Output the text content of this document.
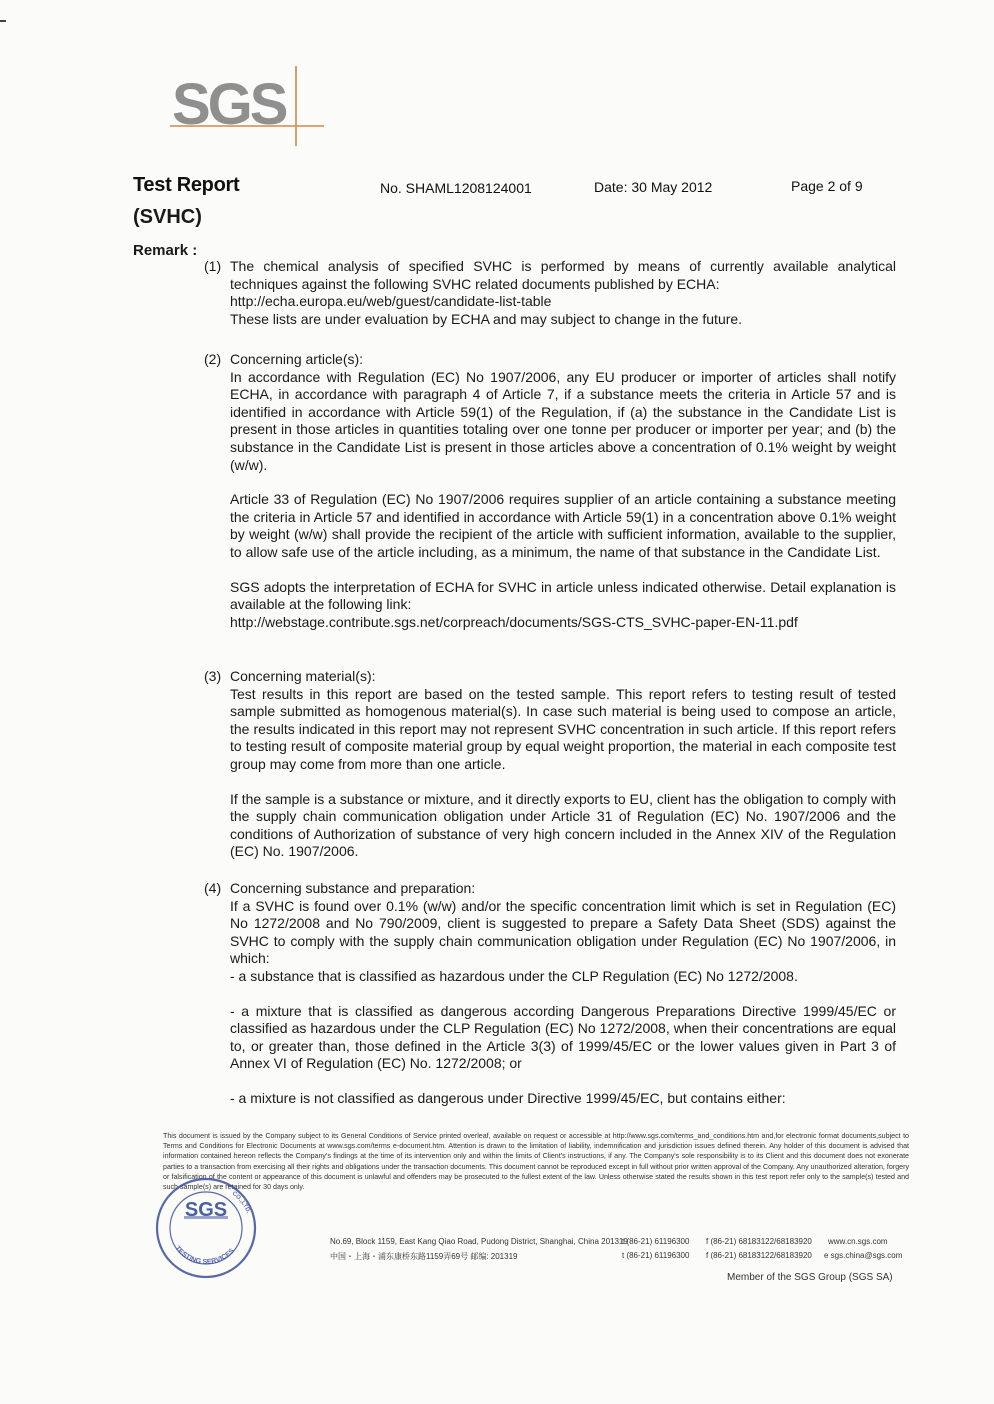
SGS
Test Report
(SVHC)
No. SHAML1208124001	Date: 30 May 2012	Page 2 of 9
Remark :
(1) The chemical analysis of specified SVHC is performed by means of currently available analytical techniques against the following SVHC related documents published by ECHA:

http://echa.europa.eu/web/guest/candidate-list-table

These lists are under evaluation by ECHA and may subject to change in the future.

(2) Concerning article(s):

In accordance with Regulation (EC) No 1907/2006, any EU producer or importer of articles shall notify ECHA, in accordance with paragraph 4 of Article 7, if a substance meets the criteria in Article 57 and is identified in accordance with Article 59(1) of the Regulation, if (a) the substance in the Candidate List is present in those articles in quantities totaling over one tonne per producer or importer per year; and (b) the substance in the Candidate List is present in those articles above a concentration of 0.1% weight by weight (w/w).

Article 33 of Regulation (EC) No 1907/2006 requires supplier of an article containing a substance meeting the criteria in Article 57 and identified in accordance with Article 59(1) in a concentration above 0.1% weight by weight (w/w) shall provide the recipient of the article with sufficient information, available to the supplier, to allow safe use of the article including, as a minimum, the name of that substance in the Candidate List.

SGS adopts the interpretation of ECHA for SVHC in article unless indicated otherwise. Detail explanation is available at the following link:

http://webstage.contribute.sgs.net/corpreach/documents/SGS-CTS_SVHC-paper-EN-11.pdf

(3) Concerning material(s):

Test results in this report are based on the tested sample. This report refers to testing result of tested sample submitted as homogenous material(s). In case such material is being used to compose an article, the results indicated in this report may not represent SVHC concentration in such article. If this report refers to testing result of composite material group by equal weight proportion, the material in each composite test group may come from more than one article.

If the sample is a substance or mixture, and it directly exports to EU, client has the obligation to comply with the supply chain communication obligation under Article 31 of Regulation (EC) No. 1907/2006 and the conditions of Authorization of substance of very high concern included in the Annex XIV of the Regulation (EC) No. 1907/2006.

(4) Concerning substance and preparation:

If a SVHC is found over 0.1% (w/w) and/or the specific concentration limit which is set in Regulation (EC) No 1272/2008 and No 790/2009, client is suggested to prepare a Safety Data Sheet (SDS) against the SVHC to comply with the supply chain communication obligation under Regulation (EC) No 1907/2006, in which:

- a substance that is classified as hazardous under the CLP Regulation (EC) No 1272/2008.

- a mixture that is classified as dangerous according Dangerous Preparations Directive 1999/45/EC or classified as hazardous under the CLP Regulation (EC) No 1272/2008, when their concentrations are equal to, or greater than, those defined in the Article 3(3) of 1999/45/EC or the lower values given in Part 3 of Annex VI of Regulation (EC) No. 1272/2008; or

- a mixture is not classified as dangerous under Directive 1999/45/EC, but contains either:

This document is issued by the Company subject to its General Conditions of Service printed overleaf, available on request or accessible at http://www.sgs.com/terms_and_conditions.htm and,for electronic format documents,subject to Terms and Conditions for Electronic Documents at www.sgs.com/terms e-document.htm. Attention is drawn to the limitation of liability, indemnification and jurisdiction issues defined therein. Any holder of this document is advised that information contained hereon reflects the Company's findings at the time of its intervention only and within the limits of Client's instructions, if any. The Company's sole responsibility is to its Client and this document does not exonerate parties to a transaction from exercising all their rights and obligations under the transaction documents. This document cannot be reproduced except in full without prior written approval of the Company. Any unauthorized alteration, forgery or falsification of the content or appearance of this document is unlawful and offenders may be prosecuted to the fullest extent of the law. Unless otherwise stated the results shown in this test report refer only to the sample(s) tested and such sample(s) are retained for 30 days only.

SGS
TESTING SERVICES
CO.,LTD.
No.69, Block 1159, East Kang Qiao Road, Pudong District, Shanghai, China 201319
t (86-21) 61196300 f (86-21) 68183122/68183920 www.cn.sgs.com
中国・上海・浦东康桥东路1159弄69号 邮编: 201319	t (86-21) 61196300 f (86-21) 68183122/68183920 e sgs.china@sgs.com
Member of the SGS Group (SGS SA)
